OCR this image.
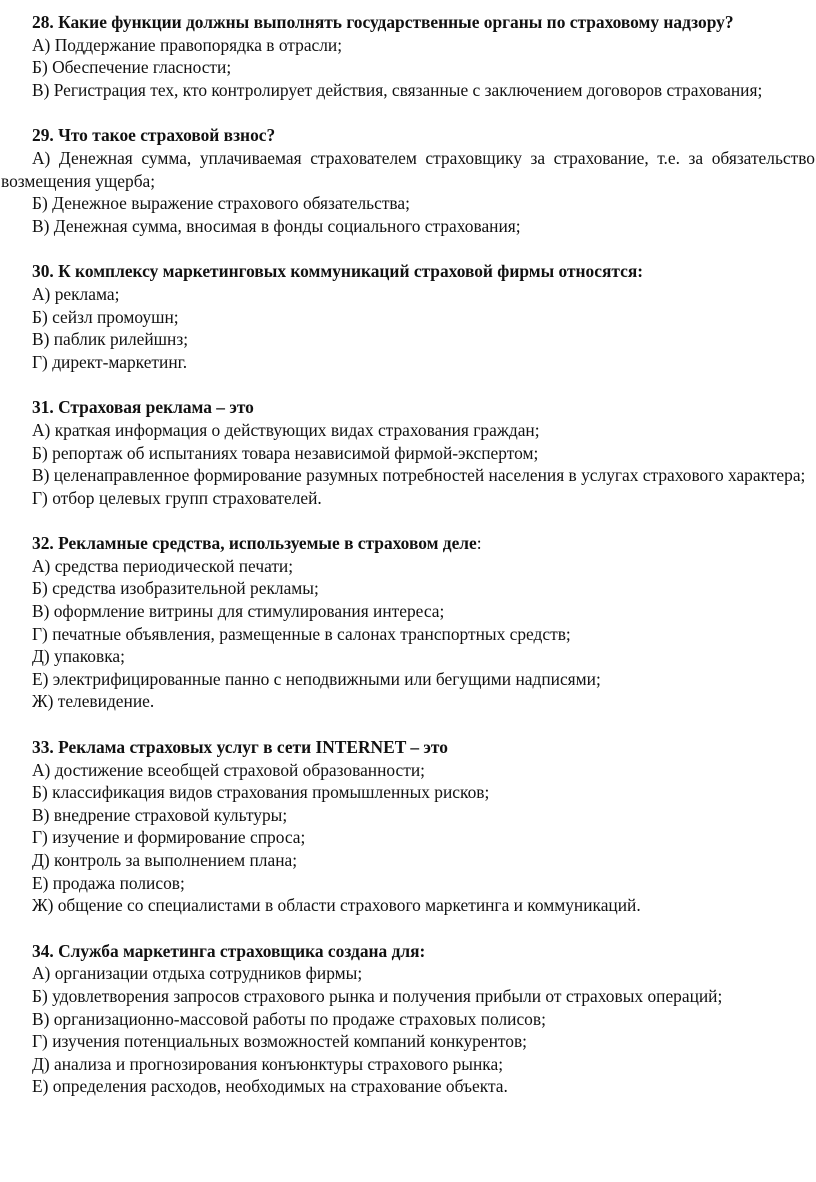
28. Какие функции должны выполнять государственные органы по страховому надзору?

А) Поддержание правопорядка в отрасли;

Б) Обеспечение гласности;

В) Регистрация тех, кто контролирует действия, связанные с заключением договоров страхования;

29. Что такое страховой взнос?

А) Денежная сумма, уплачиваемая страхователем страховщику за страхование, т.е. за обязательство возмещения ущерба;

Б) Денежное выражение страхового обязательства;

В) Денежная сумма, вносимая в фонды социального страхования;

30. К комплексу маркетинговых коммуникаций страховой фирмы относятся:

А) реклама;

Б) сейзл промоушн;

В) паблик рилейшнз;

Г) директ-маркетинг.

31. Страховая реклама – это

А) краткая информация о действующих видах страхования граждан;

Б) репортаж об испытаниях товара независимой фирмой-экспертом;

В) целенаправленное формирование разумных потребностей населения в услугах страхового характера;

Г) отбор целевых групп страхователей.

32. Рекламные средства, используемые в страховом деле:

А) средства периодической печати;

Б) средства изобразительной рекламы;

В) оформление витрины для стимулирования интереса;

Г) печатные объявления, размещенные в салонах транспортных средств;

Д) упаковка;

Е) электрифицированные панно с неподвижными или бегущими надписями;

Ж) телевидение.

33. Реклама страховых услуг в сети INTERNET – это

А) достижение всеобщей страховой образованности;

Б) классификация видов страхования промышленных рисков;

В) внедрение страховой культуры;

Г) изучение и формирование спроса;

Д) контроль за выполнением плана;

Е) продажа полисов;

Ж) общение со специалистами в области страхового маркетинга и коммуникаций.

34. Служба маркетинга страховщика создана для:

А) организации отдыха сотрудников фирмы;

Б) удовлетворения запросов страхового рынка и получения прибыли от страховых операций;

В) организационно-массовой работы по продаже страховых полисов;

Г) изучения потенциальных возможностей компаний конкурентов;

Д) анализа и прогнозирования конъюнктуры страхового рынка;

Е) определения расходов, необходимых на страхование объекта.
